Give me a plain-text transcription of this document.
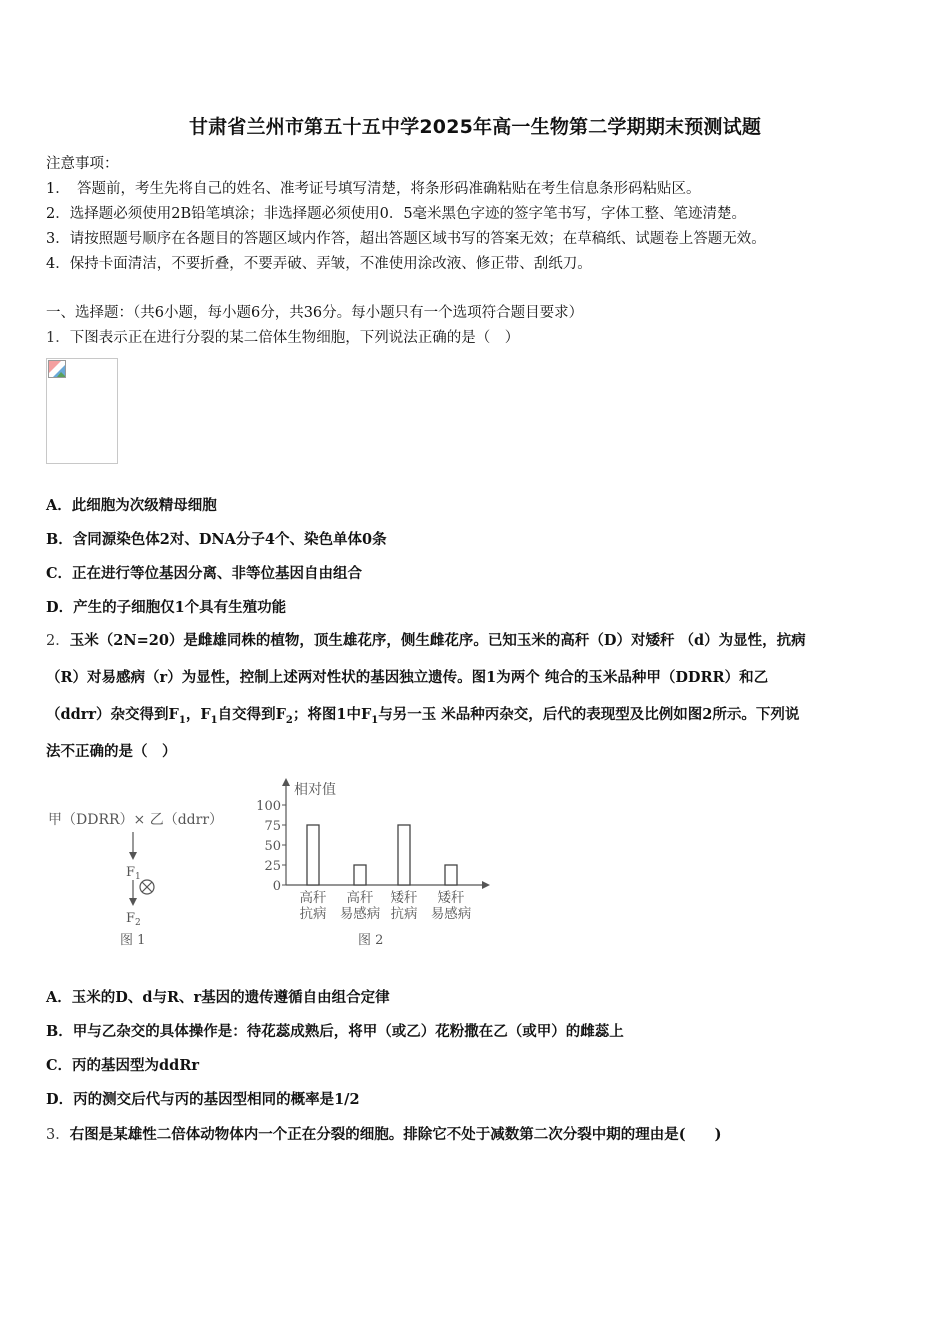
甘肃省兰州市第五十五中学2025年高一生物第二学期期末预测试题
注意事项：
1．　答题前，考生先将自己的姓名、准考证号填写清楚，将条形码准确粘贴在考生信息条形码粘贴区。
2．选择题必须使用2B铅笔填涂；非选择题必须使用0．5毫米黑色字迹的签字笔书写，字体工整、笔迹清楚。
3．请按照题号顺序在各题目的答题区域内作答，超出答题区域书写的答案无效；在草稿纸、试题卷上答题无效。
4．保持卡面清洁，不要折叠，不要弄破、弄皱，不准使用涂改液、修正带、刮纸刀。
一、选择题：（共6小题，每小题6分，共36分。每小题只有一个选项符合题目要求）
1．下图表示正在进行分裂的某二倍体生物细胞，下列说法正确的是（　）
A．此细胞为次级精母细胞
B．含同源染色体2对、DNA分子4个、染色单体0条
C．正在进行等位基因分离、非等位基因自由组合
D．产生的子细胞仅1个具有生殖功能

2．玉米（2N=20）是雌雄同株的植物，顶生雄花序，侧生雌花序。已知玉米的高秆（D）对矮秆 （d）为显性，抗病

（R）对易感病（r）为显性，控制上述两对性状的基因独立遗传。图1为两个 纯合的玉米品种甲（DDRR）和乙

（ddrr）杂交得到$F_1$，$F_1$自交得到$F_2$；将图1中$F_1$与另一玉 米品种丙杂交，后代的表现型及比例如图2所示。下列说

法不正确的是（　）

甲（DDRR）× 乙（ddrr）
$F_1$
$F_2$
图 1
相对值
100
75
50
25
0
高秆
抗病
高秆
易感病
矮秆
抗病
矮秆
易感病
图 2
A．玉米的D、d与R、r基因的遗传遵循自由组合定律
B．甲与乙杂交的具体操作是：待花蕊成熟后，将甲（或乙）花粉撒在乙（或甲）的雌蕊上
C．丙的基因型为ddRr
D．丙的测交后代与丙的基因型相同的概率是1/2
3．右图是某雄性二倍体动物体内一个正在分裂的细胞。排除它不处于减数第二次分裂中期的理由是(　　)
